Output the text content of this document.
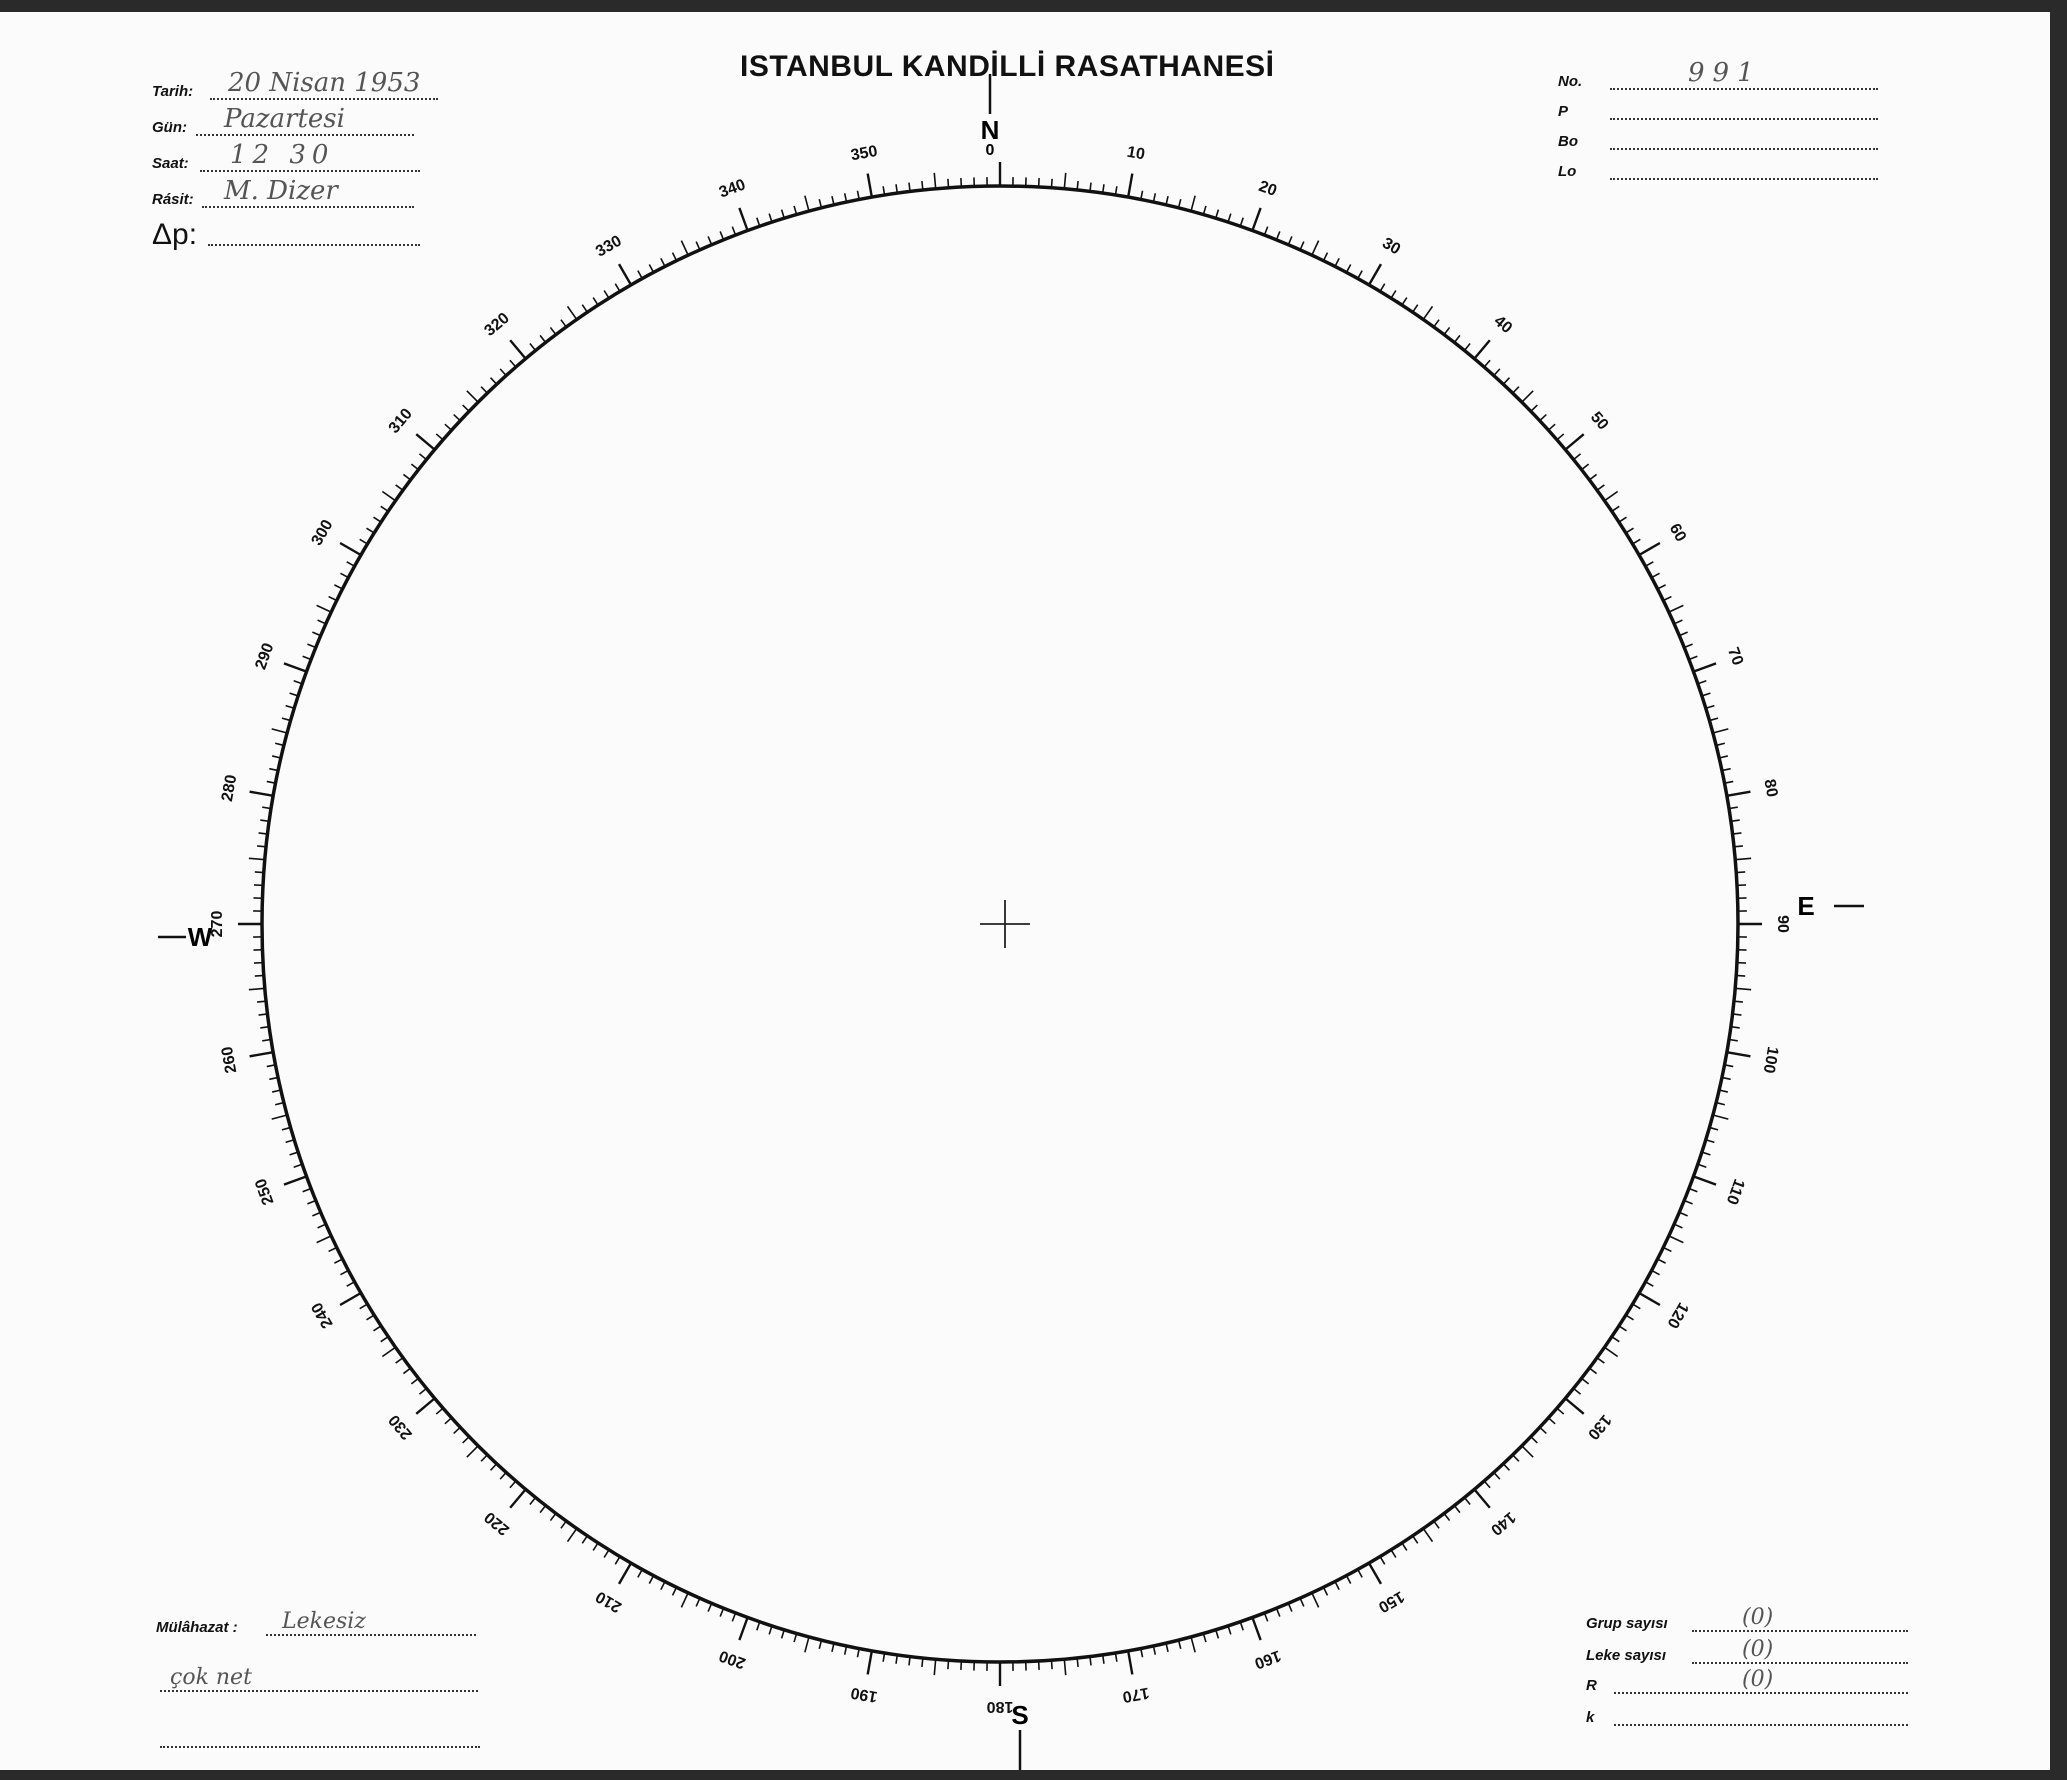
10
20
30
40
50
60
70
80
90
100
110
120
130
140
150
160
170
180
190
200
210
220
230
240
250
260
270
280
290
300
310
320
330
340
350
N
0
S
E
W
ISTANBUL KANDİLLİ RASATHANESİ
Tarih: 20 Nisan 1953
Gün: Pazartesi
Saat: 12 30
Rásit: M. Dizer
Δp:
No.	991
P
Bo
Lo
Mülâhazat : Lekesiz
çok net
Grup sayısı	(0)
Leke sayısı	(0)
R	(0)
k
